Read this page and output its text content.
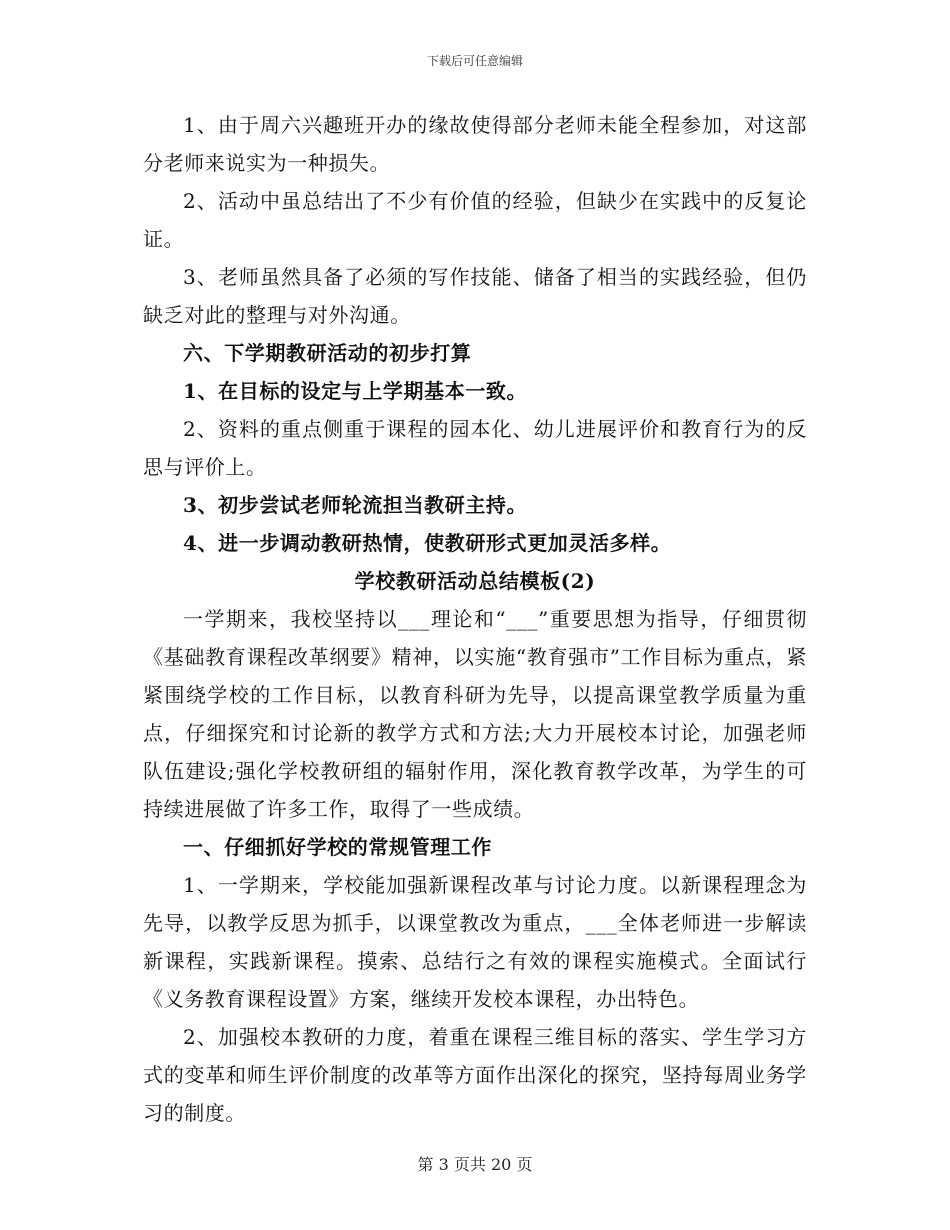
下载后可任意编辑

1、由于周六兴趣班开办的缘故使得部分老师未能全程参加，对这部分老师来说实为一种损失。

2、活动中虽总结出了不少有价值的经验，但缺少在实践中的反复论证。

3、老师虽然具备了必须的写作技能、储备了相当的实践经验，但仍缺乏对此的整理与对外沟通。

六、下学期教研活动的初步打算

1、在目标的设定与上学期基本一致。

2、资料的重点侧重于课程的园本化、幼儿进展评价和教育行为的反思与评价上。

3、初步尝试老师轮流担当教研主持。

4、进一步调动教研热情，使教研形式更加灵活多样。

学校教研活动总结模板(2)

一学期来，我校坚持以___理论和“___”重要思想为指导，仔细贯彻《基础教育课程改革纲要》精神，以实施“教育强市”工作目标为重点，紧紧围绕学校的工作目标，以教育科研为先导，以提高课堂教学质量为重点，仔细探究和讨论新的教学方式和方法;大力开展校本讨论，加强老师队伍建设;强化学校教研组的辐射作用，深化教育教学改革，为学生的可持续进展做了许多工作，取得了一些成绩。

一、仔细抓好学校的常规管理工作

1、一学期来，学校能加强新课程改革与讨论力度。以新课程理念为先导，以教学反思为抓手，以课堂教改为重点，___全体老师进一步解读新课程，实践新课程。摸索、总结行之有效的课程实施模式。全面试行《义务教育课程设置》方案，继续开发校本课程，办出特色。

2、加强校本教研的力度，着重在课程三维目标的落实、学生学习方式的变革和师生评价制度的改革等方面作出深化的探究，坚持每周业务学习的制度。

第 3 页共 20 页
